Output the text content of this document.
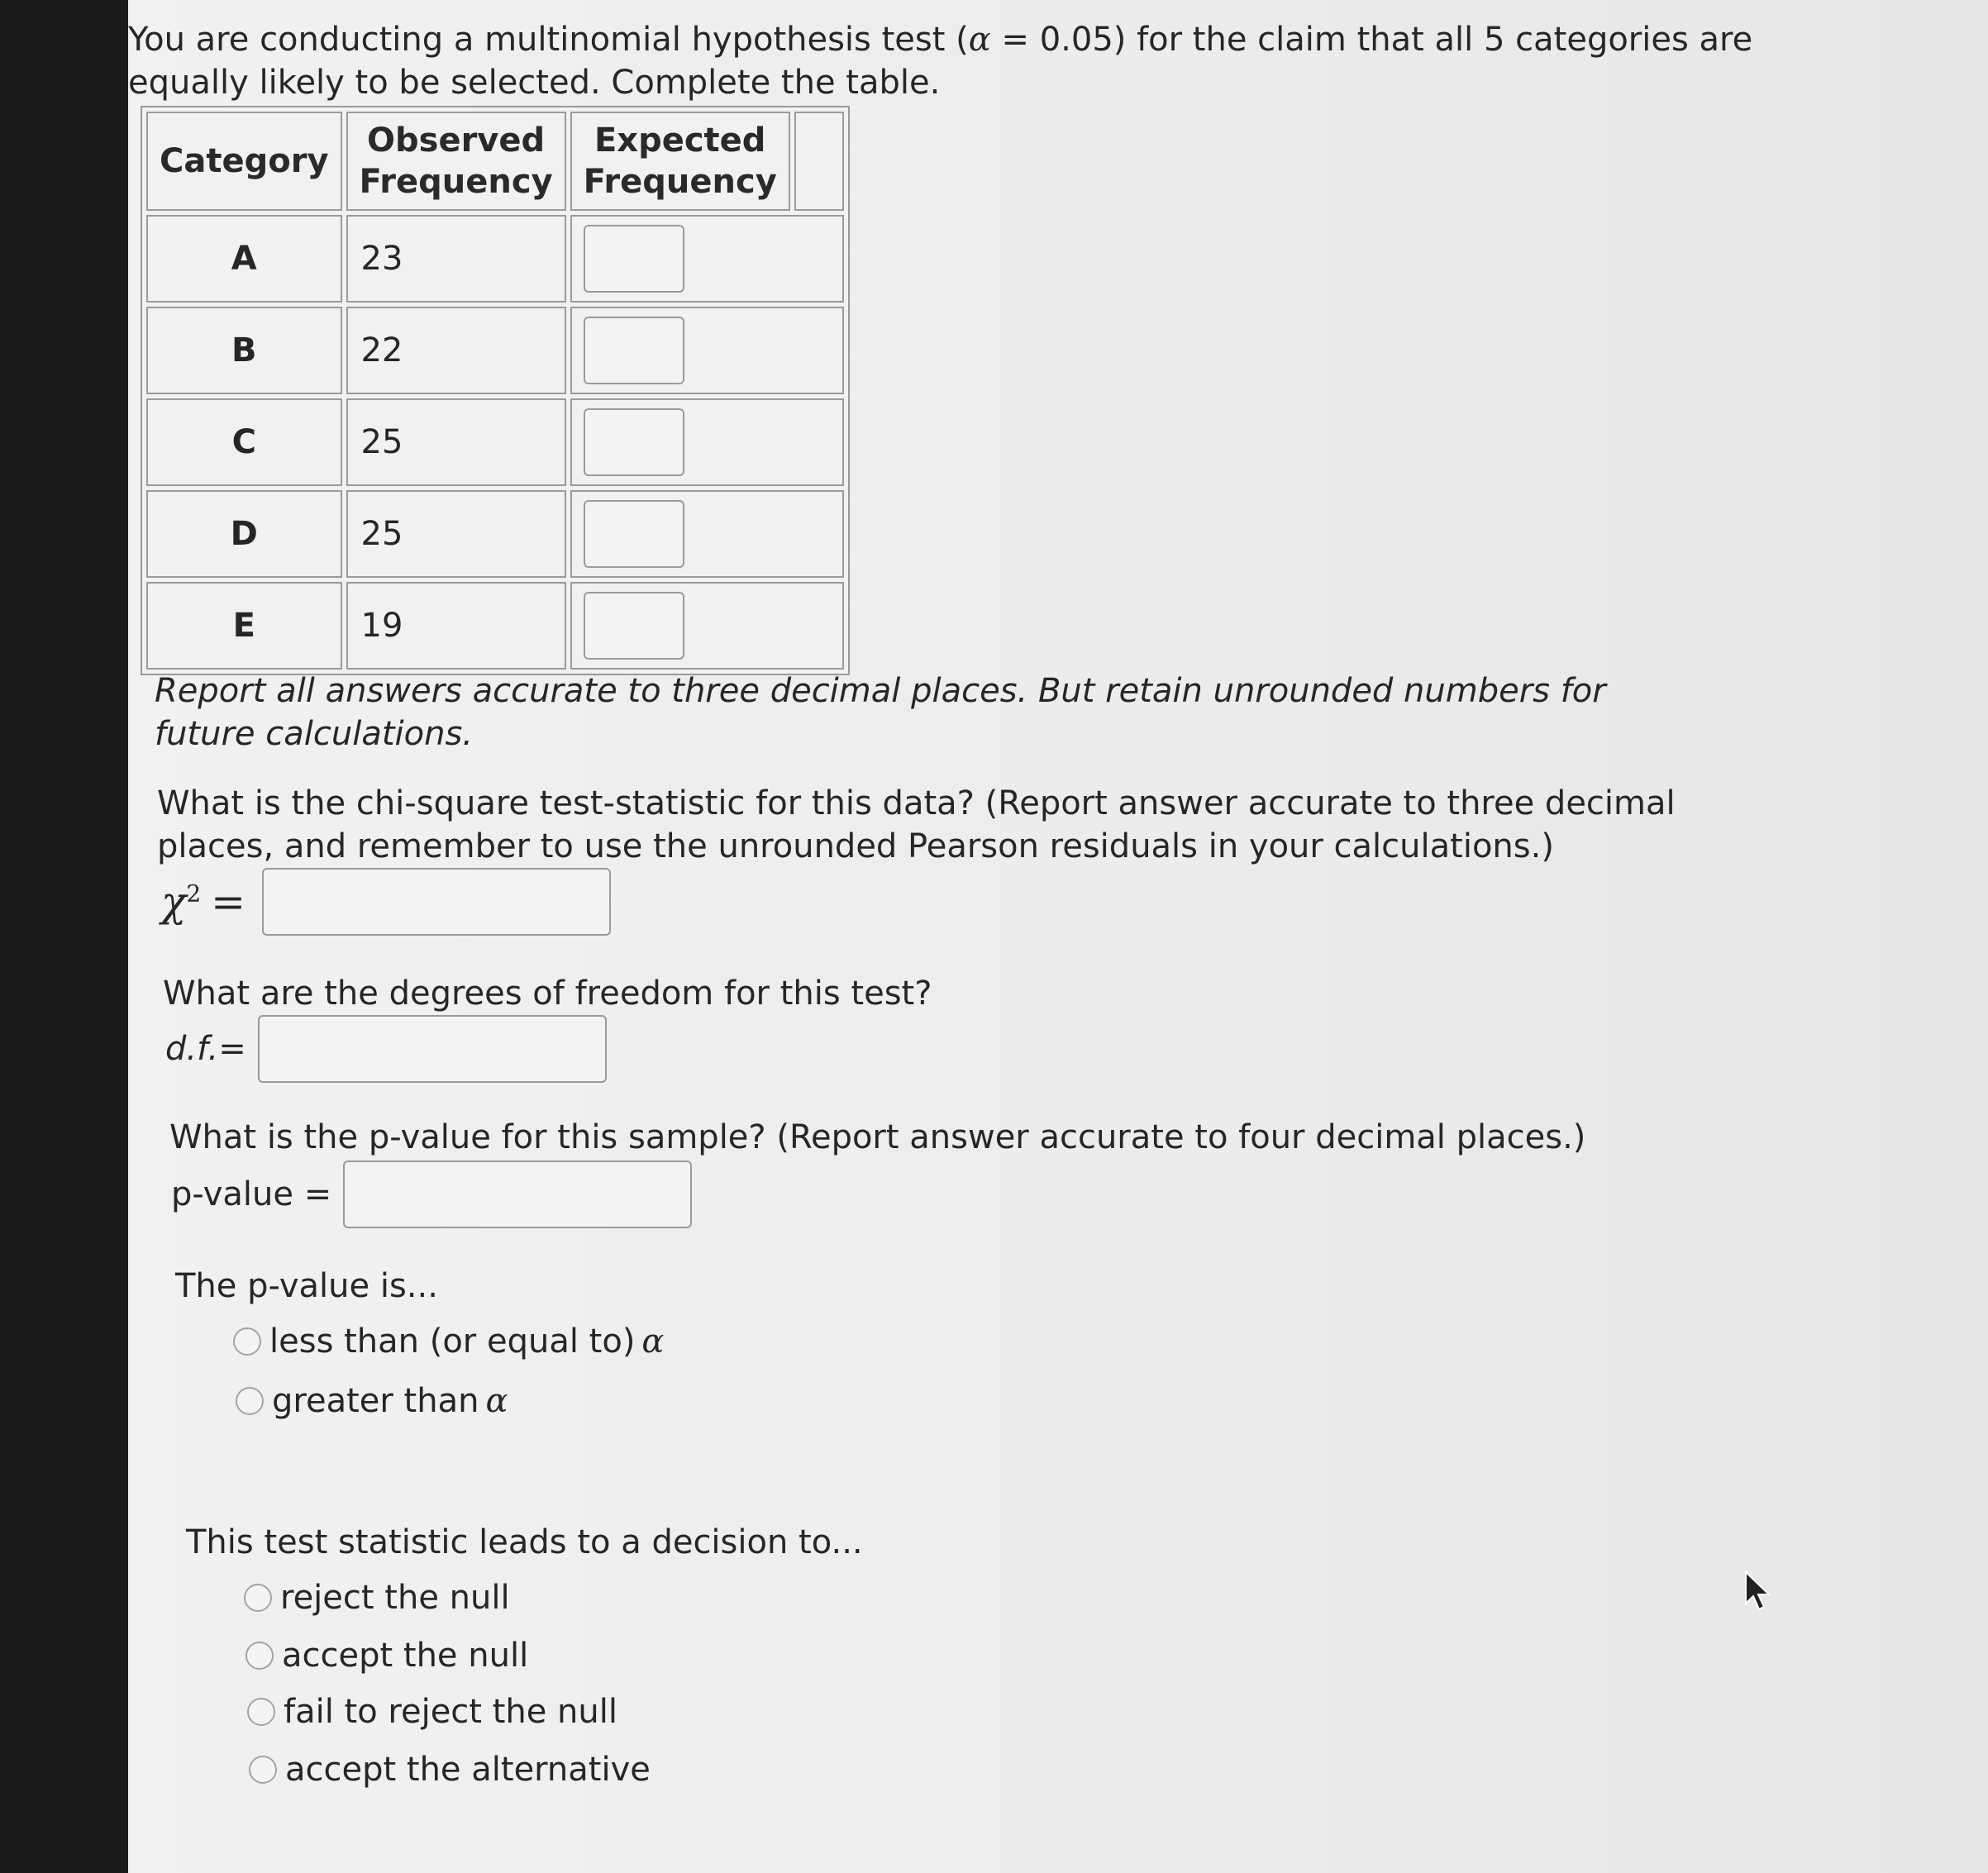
You are conducting a multinomial hypothesis test (α = 0.05) for the claim that all 5 categories are equally likely to be selected. Complete the table.
Category	Observed Frequency	Expected Frequency	
A	23		

B	22		

C	25		

D	25		

E	19		
Report all answers accurate to three decimal places. But retain unrounded numbers for future calculations.
What is the chi-square test-statistic for this data? (Report answer accurate to three decimal places, and remember to use the unrounded Pearson residuals in your calculations.)
$\chi^2$ =
What are the degrees of freedom for this test?
d.f.=
What is the p-value for this sample? (Report answer accurate to four decimal places.)
p-value =
The p-value is...
less than (or equal to) α
greater than α
This test statistic leads to a decision to...
reject the null
accept the null
fail to reject the null
accept the alternative
